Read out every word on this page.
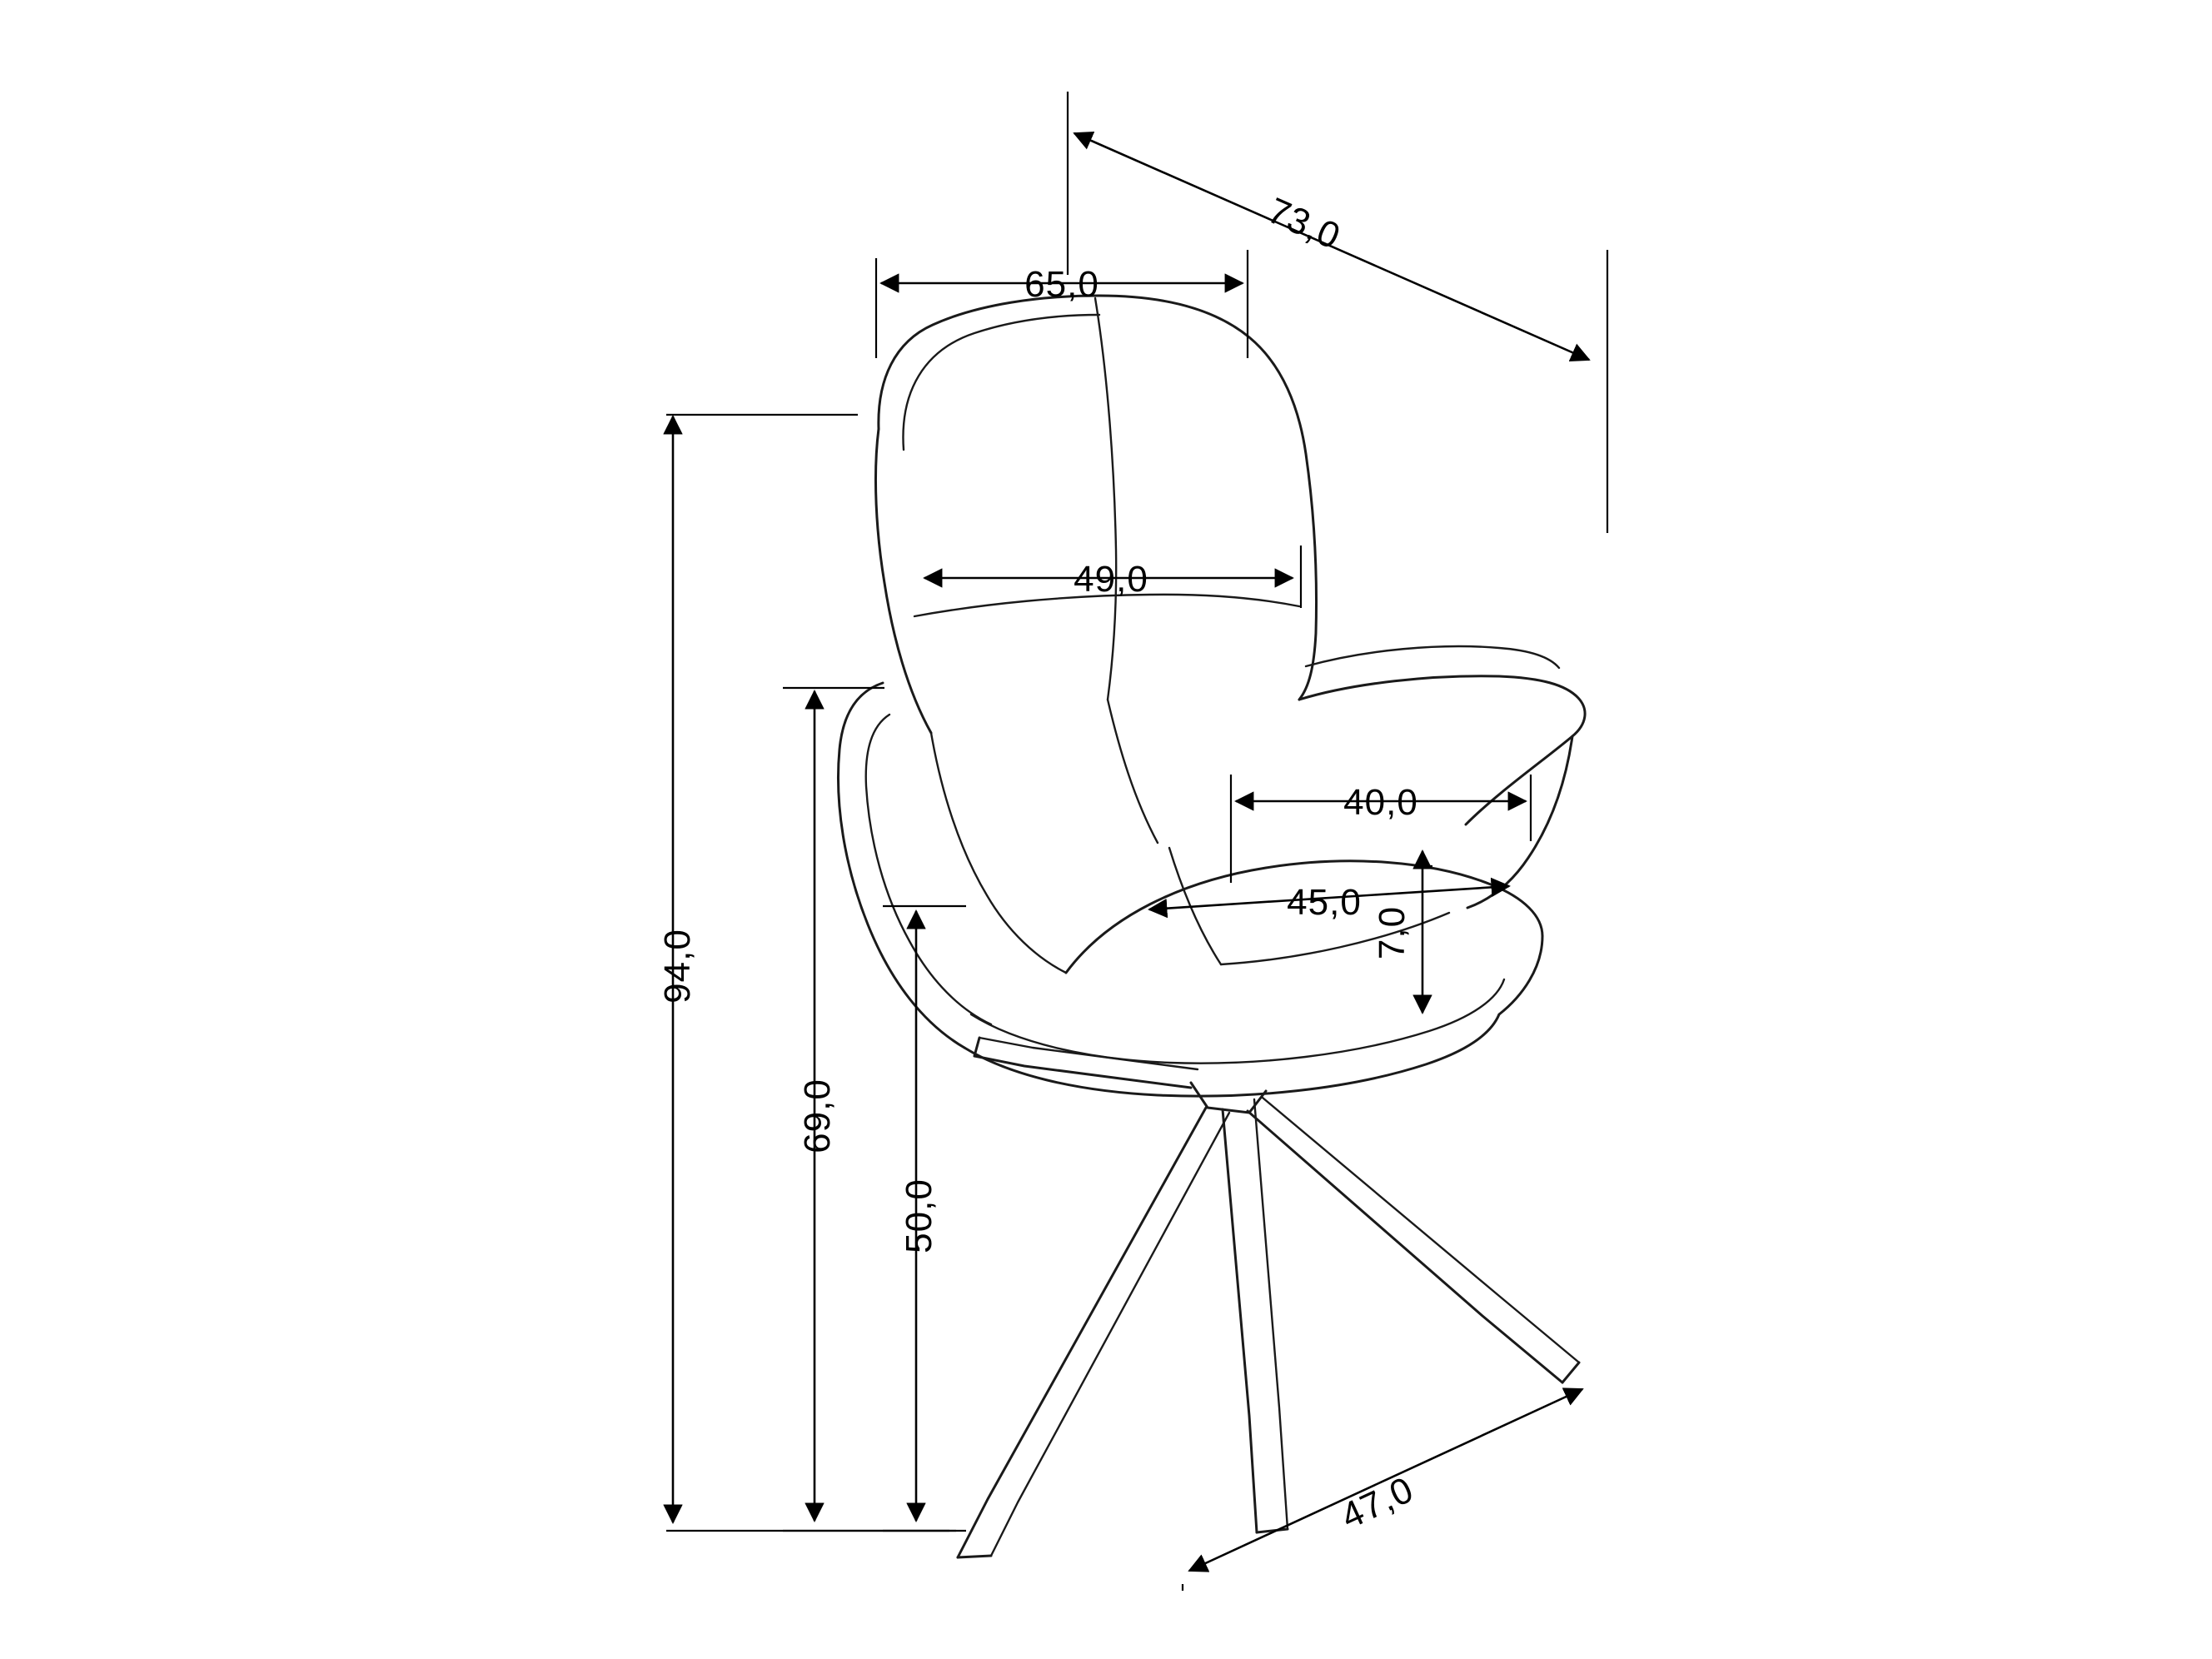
73,0
65,0
49,0
40,0
45,0
7,0
94,0
69,0
50,0
47,0
